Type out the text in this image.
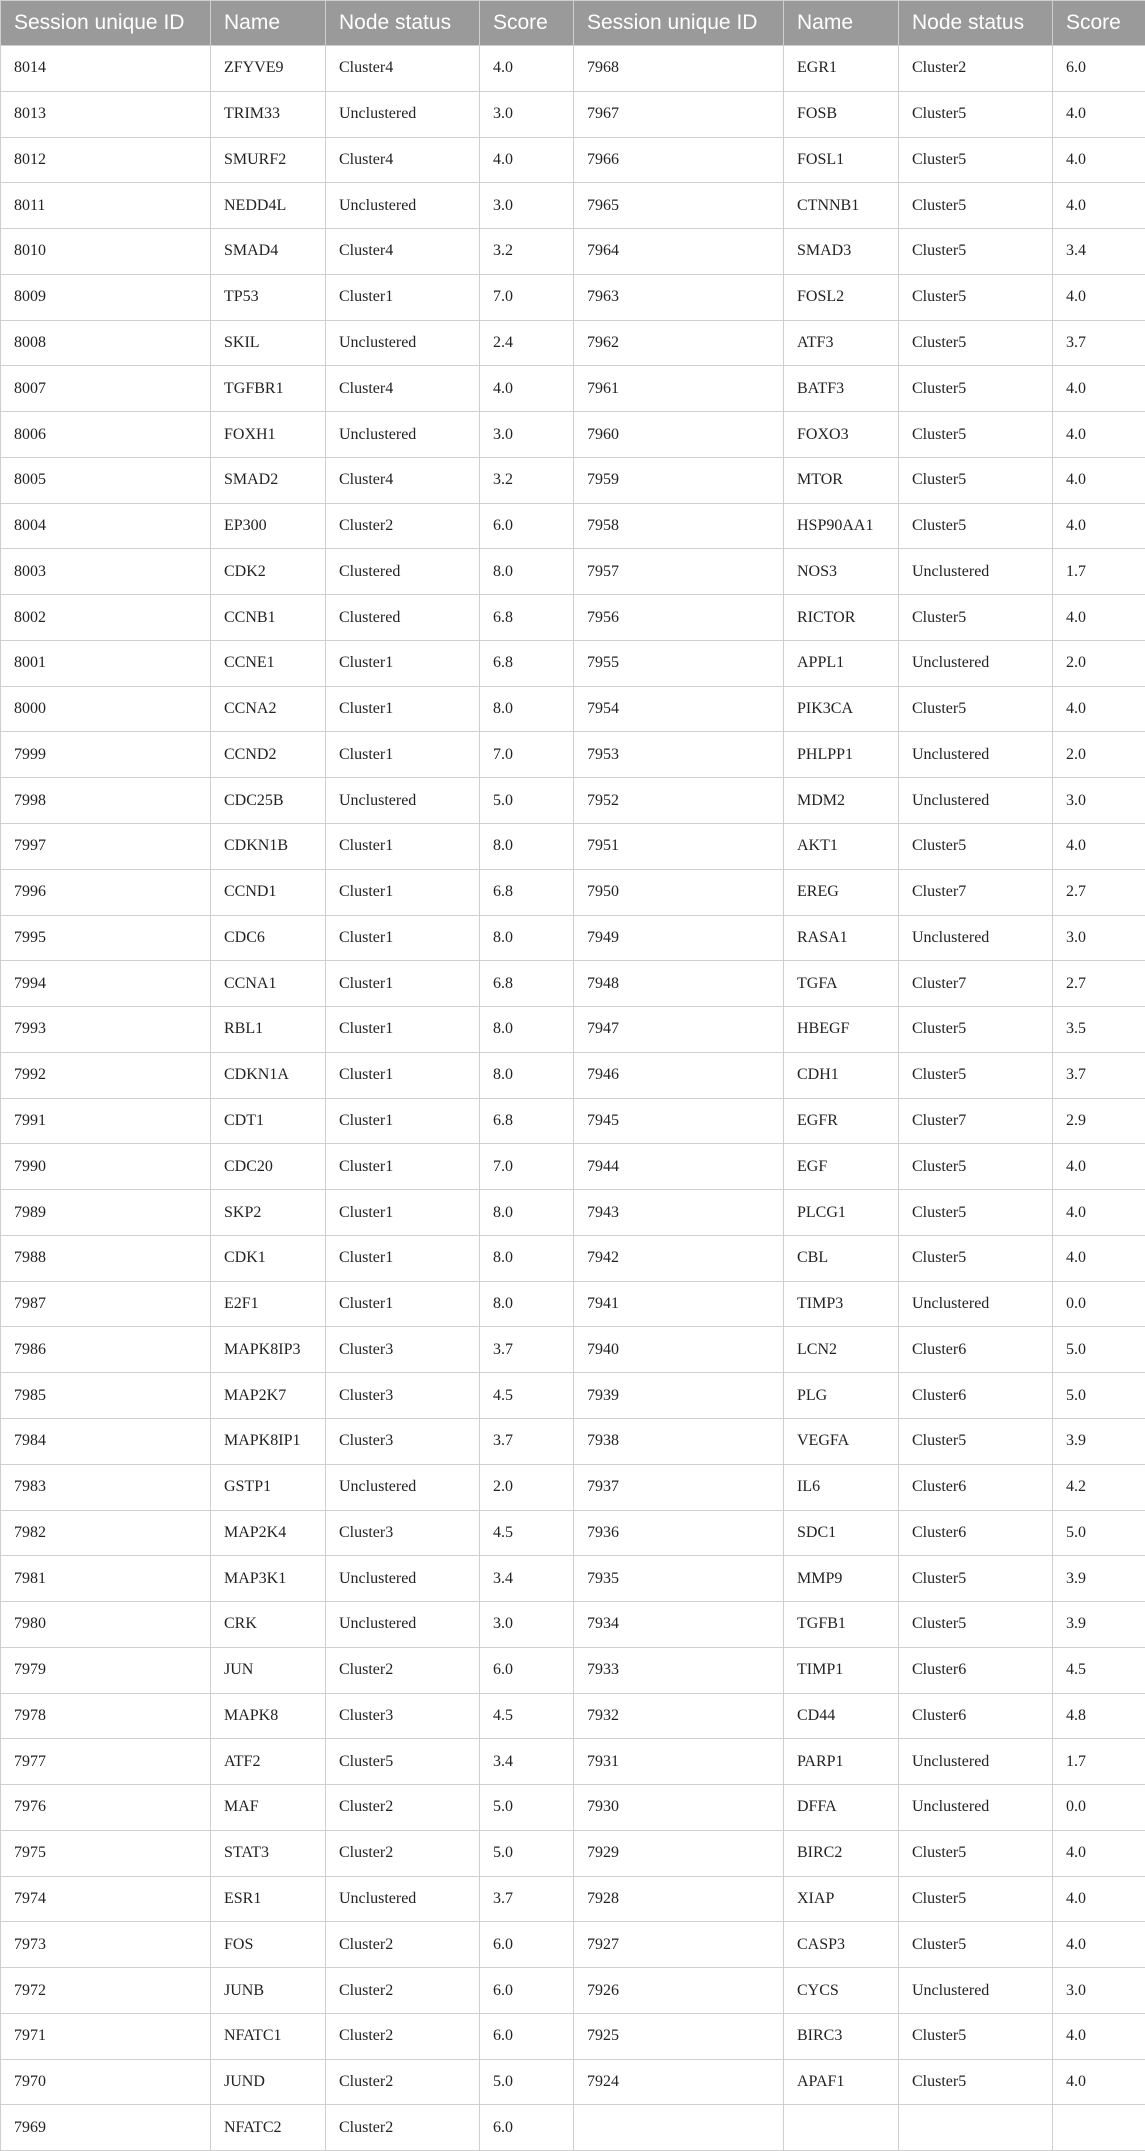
Session unique ID	Name	Node status	Score	Session unique ID	Name	Node status	Score
8014	ZFYVE9	Cluster4	4.0	7968	EGR1	Cluster2	6.0
8013	TRIM33	Unclustered	3.0	7967	FOSB	Cluster5	4.0
8012	SMURF2	Cluster4	4.0	7966	FOSL1	Cluster5	4.0
8011	NEDD4L	Unclustered	3.0	7965	CTNNB1	Cluster5	4.0
8010	SMAD4	Cluster4	3.2	7964	SMAD3	Cluster5	3.4
8009	TP53	Cluster1	7.0	7963	FOSL2	Cluster5	4.0
8008	SKIL	Unclustered	2.4	7962	ATF3	Cluster5	3.7
8007	TGFBR1	Cluster4	4.0	7961	BATF3	Cluster5	4.0
8006	FOXH1	Unclustered	3.0	7960	FOXO3	Cluster5	4.0
8005	SMAD2	Cluster4	3.2	7959	MTOR	Cluster5	4.0
8004	EP300	Cluster2	6.0	7958	HSP90AA1	Cluster5	4.0
8003	CDK2	Clustered	8.0	7957	NOS3	Unclustered	1.7
8002	CCNB1	Clustered	6.8	7956	RICTOR	Cluster5	4.0
8001	CCNE1	Cluster1	6.8	7955	APPL1	Unclustered	2.0
8000	CCNA2	Cluster1	8.0	7954	PIK3CA	Cluster5	4.0
7999	CCND2	Cluster1	7.0	7953	PHLPP1	Unclustered	2.0
7998	CDC25B	Unclustered	5.0	7952	MDM2	Unclustered	3.0
7997	CDKN1B	Cluster1	8.0	7951	AKT1	Cluster5	4.0
7996	CCND1	Cluster1	6.8	7950	EREG	Cluster7	2.7
7995	CDC6	Cluster1	8.0	7949	RASA1	Unclustered	3.0
7994	CCNA1	Cluster1	6.8	7948	TGFA	Cluster7	2.7
7993	RBL1	Cluster1	8.0	7947	HBEGF	Cluster5	3.5
7992	CDKN1A	Cluster1	8.0	7946	CDH1	Cluster5	3.7
7991	CDT1	Cluster1	6.8	7945	EGFR	Cluster7	2.9
7990	CDC20	Cluster1	7.0	7944	EGF	Cluster5	4.0
7989	SKP2	Cluster1	8.0	7943	PLCG1	Cluster5	4.0
7988	CDK1	Cluster1	8.0	7942	CBL	Cluster5	4.0
7987	E2F1	Cluster1	8.0	7941	TIMP3	Unclustered	0.0
7986	MAPK8IP3	Cluster3	3.7	7940	LCN2	Cluster6	5.0
7985	MAP2K7	Cluster3	4.5	7939	PLG	Cluster6	5.0
7984	MAPK8IP1	Cluster3	3.7	7938	VEGFA	Cluster5	3.9
7983	GSTP1	Unclustered	2.0	7937	IL6	Cluster6	4.2
7982	MAP2K4	Cluster3	4.5	7936	SDC1	Cluster6	5.0
7981	MAP3K1	Unclustered	3.4	7935	MMP9	Cluster5	3.9
7980	CRK	Unclustered	3.0	7934	TGFB1	Cluster5	3.9
7979	JUN	Cluster2	6.0	7933	TIMP1	Cluster6	4.5
7978	MAPK8	Cluster3	4.5	7932	CD44	Cluster6	4.8
7977	ATF2	Cluster5	3.4	7931	PARP1	Unclustered	1.7
7976	MAF	Cluster2	5.0	7930	DFFA	Unclustered	0.0
7975	STAT3	Cluster2	5.0	7929	BIRC2	Cluster5	4.0
7974	ESR1	Unclustered	3.7	7928	XIAP	Cluster5	4.0
7973	FOS	Cluster2	6.0	7927	CASP3	Cluster5	4.0
7972	JUNB	Cluster2	6.0	7926	CYCS	Unclustered	3.0
7971	NFATC1	Cluster2	6.0	7925	BIRC3	Cluster5	4.0
7970	JUND	Cluster2	5.0	7924	APAF1	Cluster5	4.0
7969	NFATC2	Cluster2	6.0				
